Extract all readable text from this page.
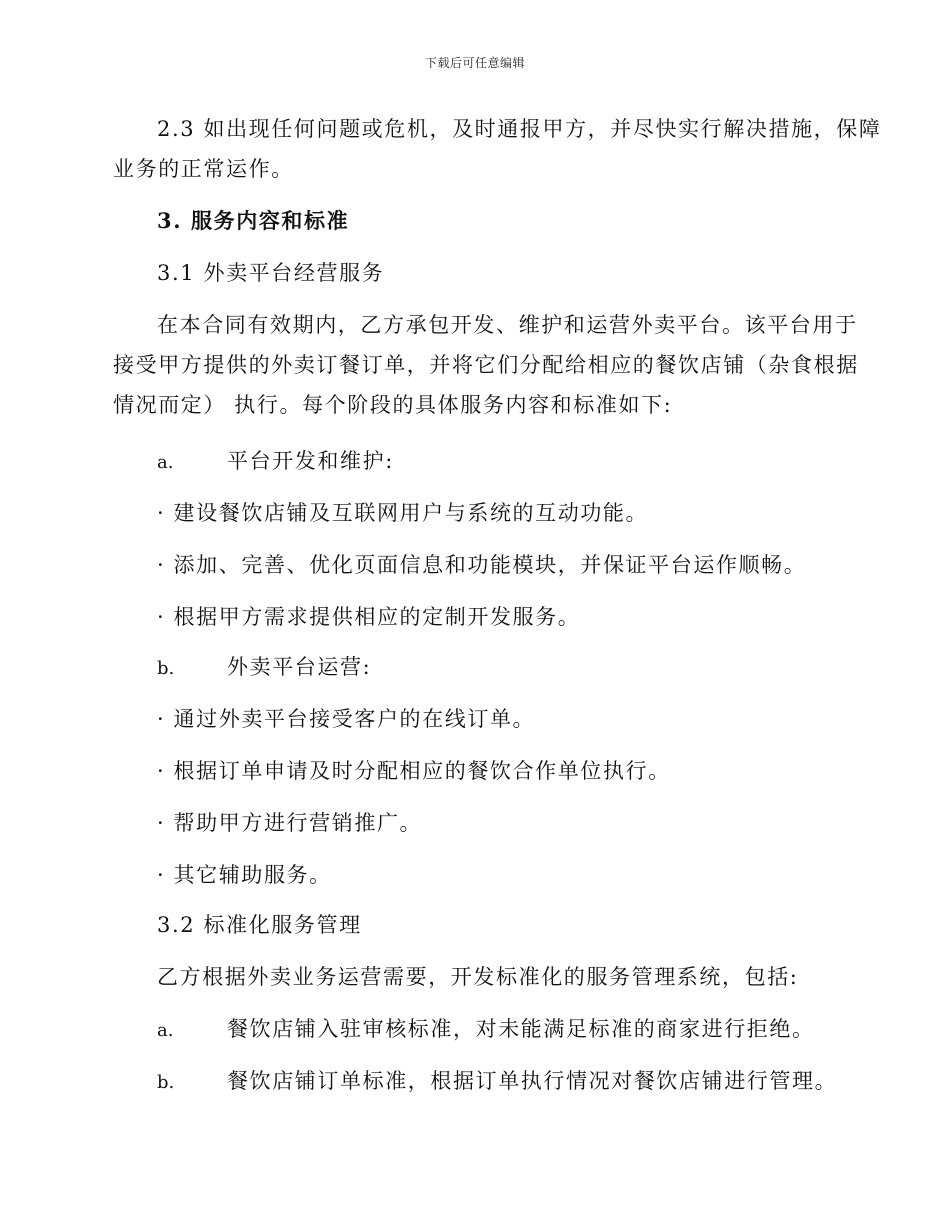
下载后可任意编辑
2.3 如出现任何问题或危机，及时通报甲方，并尽快实行解决措施，保障
业务的正常运作。
3. 服务内容和标准
3.1 外卖平台经营服务
在本合同有效期内，乙方承包开发、维护和运营外卖平台。该平台用于
接受甲方提供的外卖订餐订单，并将它们分配给相应的餐饮店铺（杂食根据
情况而定） 执行。每个阶段的具体服务内容和标准如下:
a.	平台开发和维护:
· 建设餐饮店铺及互联网用户与系统的互动功能。
· 添加、完善、优化页面信息和功能模块，并保证平台运作顺畅。
· 根据甲方需求提供相应的定制开发服务。
b.	外卖平台运营:
· 通过外卖平台接受客户的在线订单。
· 根据订单申请及时分配相应的餐饮合作单位执行。
· 帮助甲方进行营销推广。
· 其它辅助服务。
3.2 标准化服务管理
乙方根据外卖业务运营需要，开发标准化的服务管理系统，包括:
a.	餐饮店铺入驻审核标准，对未能满足标准的商家进行拒绝。
b.	餐饮店铺订单标准，根据订单执行情况对餐饮店铺进行管理。
